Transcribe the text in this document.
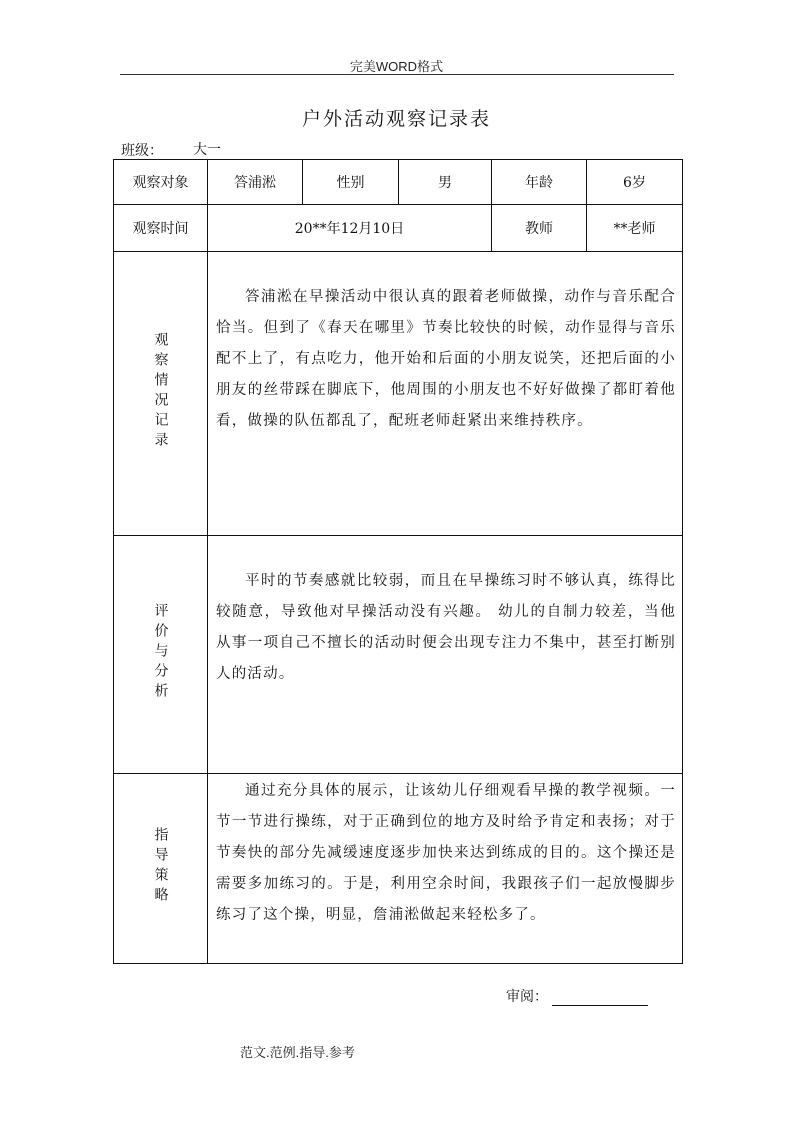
完美WORD格式
户外活动观察记录表
班级：	大一
观察对象	答浦淞	性别	男	年龄	6岁
观察时间	20**年12月10日			教师	**老师
观察情况记录	答浦淞在早操活动中很认真的跟着老师做操，动作与音乐配合恰当。但到了《春天在哪里》节奏比较快的时候，动作显得与音乐配不上了，有点吃力，他开始和后面的小朋友说笑，还把后面的小朋友的丝带踩在脚底下，他周围的小朋友也不好好做操了都盯着他看，做操的队伍都乱了，配班老师赶紧出来维持秩序。				

评价与分析	平时的节奏感就比较弱，而且在早操练习时不够认真，练得比较随意，导致他对早操活动没有兴趣。 幼儿的自制力较差，当他从事一项自己不擅长的活动时便会出现专注力不集中，甚至打断别人的活动。				

指导策略	通过充分具体的展示，让该幼儿仔细观看早操的教学视频。一节一节进行操练，对于正确到位的地方及时给予肯定和表扬；对于节奏快的部分先减缓速度逐步加快来达到练成的目的。这个操还是需要多加练习的。于是，利用空余时间，我跟孩子们一起放慢脚步练习了这个操，明显，詹浦淞做起来轻松多了。				
审阅：
范文.范例.指导.参考
